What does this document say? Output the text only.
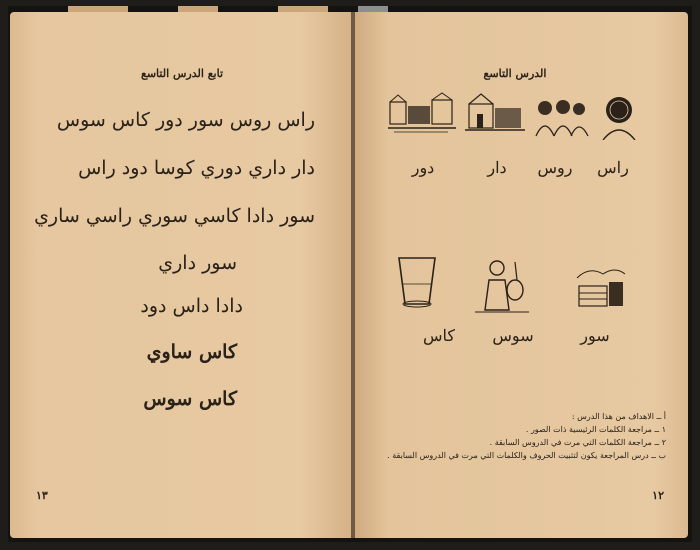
تابع الدرس التاسع
راس روس سور دور كاس سوس
دار داري دوري كوسا دود راس
سور دادا كاسي سوري راسي ساري
سور داري
دادا داس دود
كاس ساوي
كاس سوس
١٣
الدرس التاسع
راس
روس
دار
دور
سور
سوس
كاس
أ ــ الاهداف من هذا الدرس :
١ ــ مراجعة الكلمات الرئيسية ذات الصور .
٢ ــ مراجعة الكلمات التي مرت في الدروس السابقة .
ب ــ درس المراجعة يكون لتثبيت الحروف والكلمات التي مرت في الدروس السابقة .
١٢
